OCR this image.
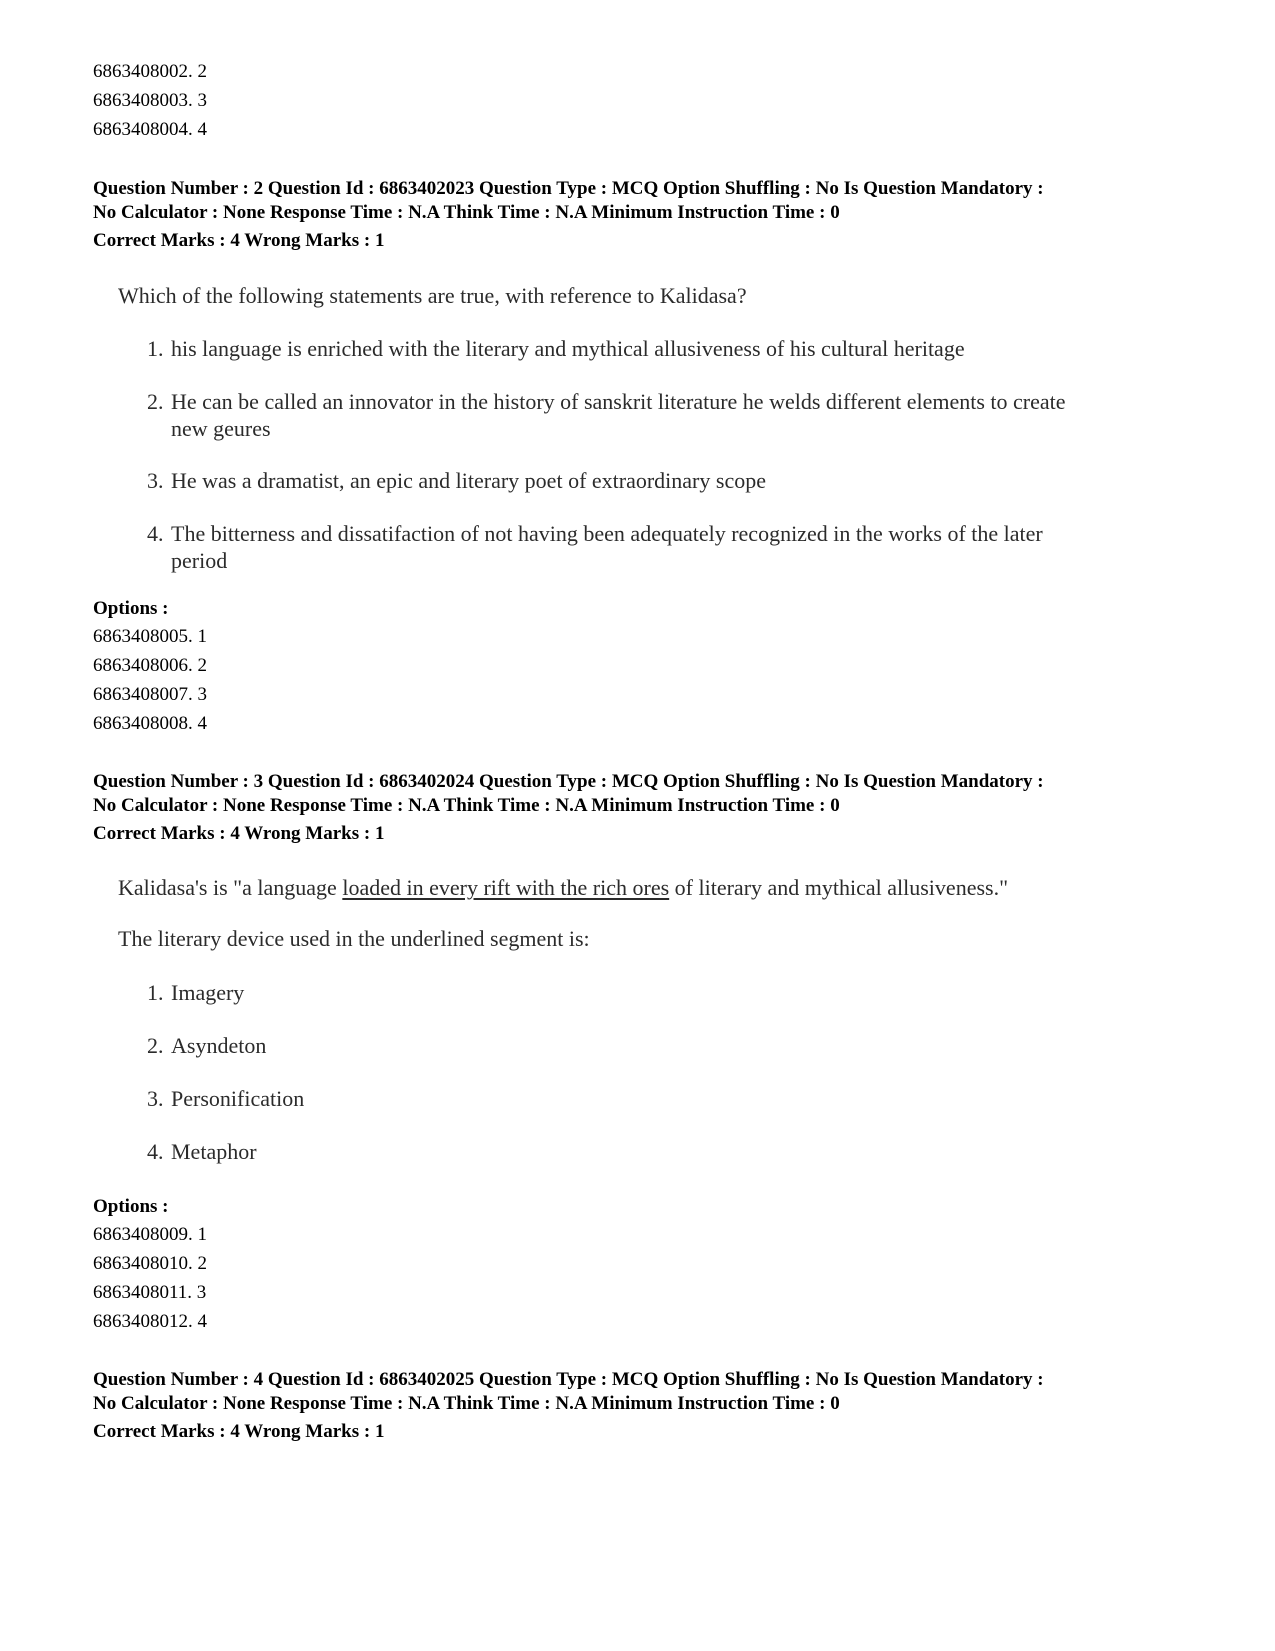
6863408002. 2
6863408003. 3
6863408004. 4
Question Number : 2 Question Id : 6863402023 Question Type : MCQ Option Shuffling : No Is Question Mandatory :
No Calculator : None Response Time : N.A Think Time : N.A Minimum Instruction Time : 0
Correct Marks : 4 Wrong Marks : 1
Which of the following statements are true, with reference to Kalidasa?
1. his language is enriched with the literary and mythical allusiveness of his cultural heritage
2. He can be called an innovator in the history of sanskrit literature he welds different elements to create
new geures
3. He was a dramatist, an epic and literary poet of extraordinary scope
4. The bitterness and dissatifaction of not having been adequately recognized in the works of the later
period
Options :
6863408005. 1
6863408006. 2
6863408007. 3
6863408008. 4
Question Number : 3 Question Id : 6863402024 Question Type : MCQ Option Shuffling : No Is Question Mandatory :
No Calculator : None Response Time : N.A Think Time : N.A Minimum Instruction Time : 0
Correct Marks : 4 Wrong Marks : 1
Kalidasa's is "a language loaded in every rift with the rich ores of literary and mythical allusiveness."
The literary device used in the underlined segment is:
1. Imagery
2. Asyndeton
3. Personification
4. Metaphor
Options :
6863408009. 1
6863408010. 2
6863408011. 3
6863408012. 4
Question Number : 4 Question Id : 6863402025 Question Type : MCQ Option Shuffling : No Is Question Mandatory :
No Calculator : None Response Time : N.A Think Time : N.A Minimum Instruction Time : 0
Correct Marks : 4 Wrong Marks : 1
